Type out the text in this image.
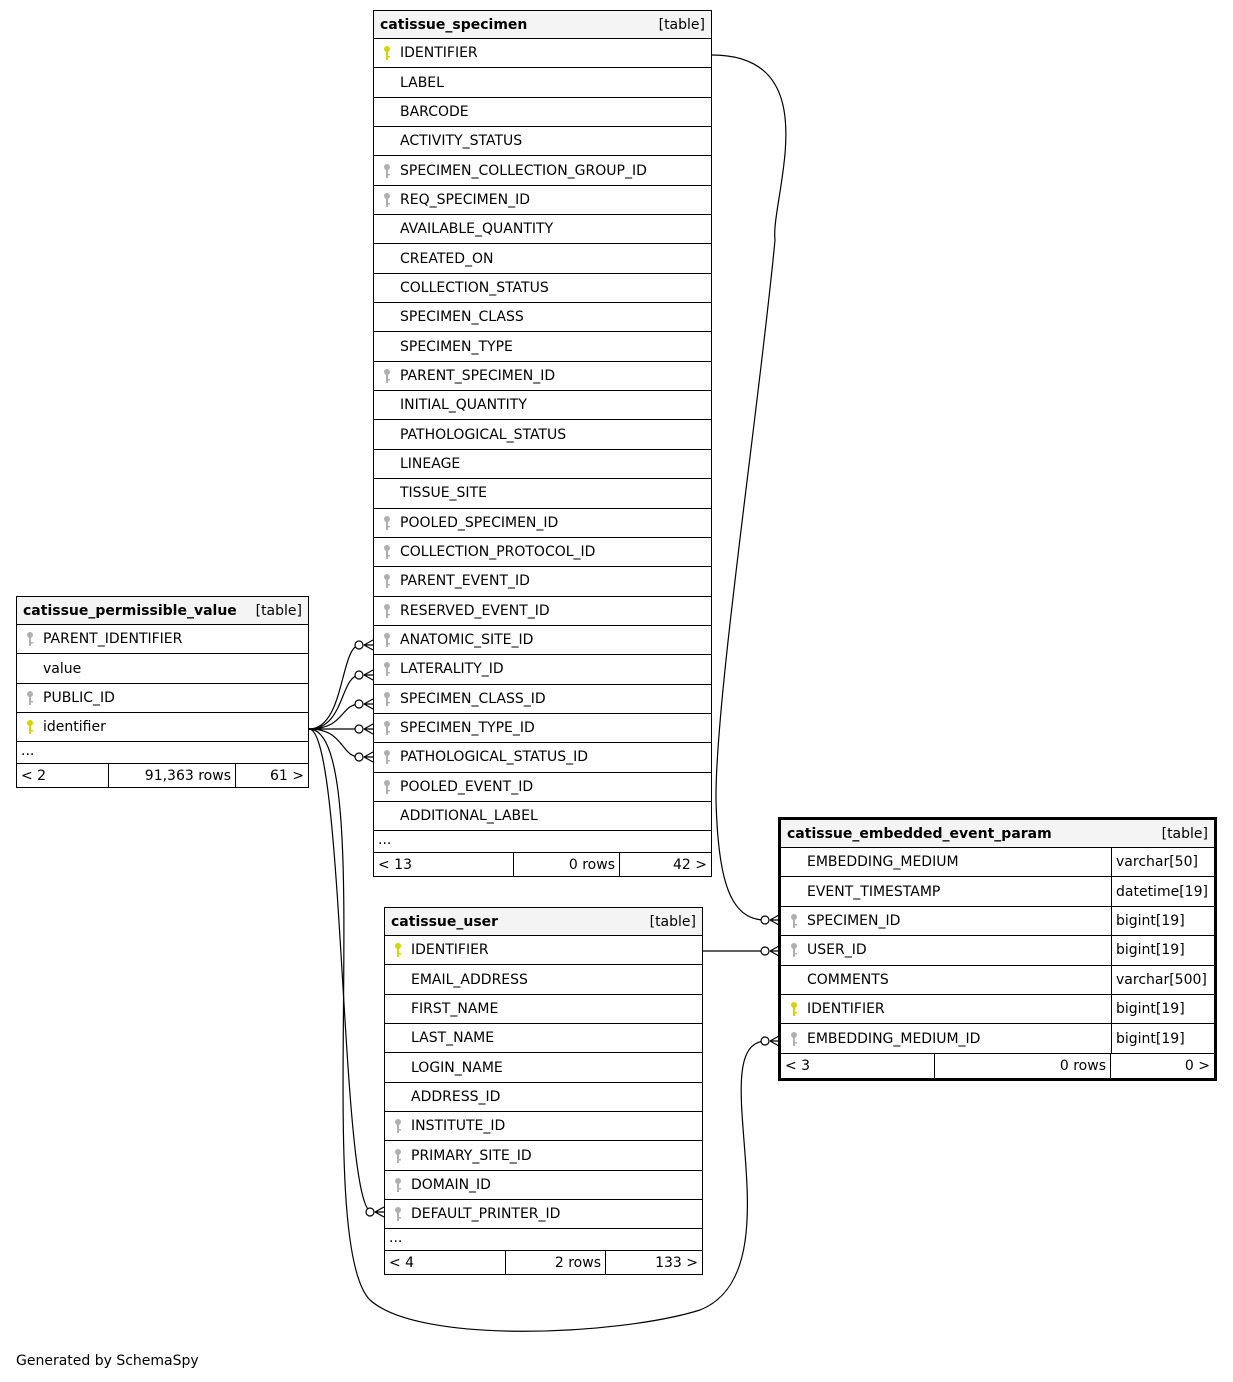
catissue_specimen	[table]
IDENTIFIER
LABEL
BARCODE
ACTIVITY_STATUS
SPECIMEN_COLLECTION_GROUP_ID
REQ_SPECIMEN_ID
AVAILABLE_QUANTITY
CREATED_ON
COLLECTION_STATUS
SPECIMEN_CLASS
SPECIMEN_TYPE
PARENT_SPECIMEN_ID
INITIAL_QUANTITY
PATHOLOGICAL_STATUS
LINEAGE
TISSUE_SITE
POOLED_SPECIMEN_ID
COLLECTION_PROTOCOL_ID
PARENT_EVENT_ID
RESERVED_EVENT_ID
ANATOMIC_SITE_ID
LATERALITY_ID
SPECIMEN_CLASS_ID
SPECIMEN_TYPE_ID
PATHOLOGICAL_STATUS_ID
POOLED_EVENT_ID
ADDITIONAL_LABEL
...
< 13	0 rows	42 >
catissue_permissible_value [table]
PARENT_IDENTIFIER
value
PUBLIC_ID
identifier
...
< 2	91,363 rows	61 >
catissue_user	[table]
IDENTIFIER
EMAIL_ADDRESS
FIRST_NAME
LAST_NAME
LOGIN_NAME
ADDRESS_ID
INSTITUTE_ID
PRIMARY_SITE_ID
DOMAIN_ID
DEFAULT_PRINTER_ID
...
< 4	2 rows	133 >
catissue_embedded_event_param	[table]
EMBEDDING_MEDIUM	varchar[50]
EVENT_TIMESTAMP	datetime[19]
SPECIMEN_ID	bigint[19]
USER_ID	bigint[19]
COMMENTS	varchar[500]
IDENTIFIER	bigint[19]
EMBEDDING_MEDIUM_ID	bigint[19]
< 3	0 rows	0 >
Generated by SchemaSpy
